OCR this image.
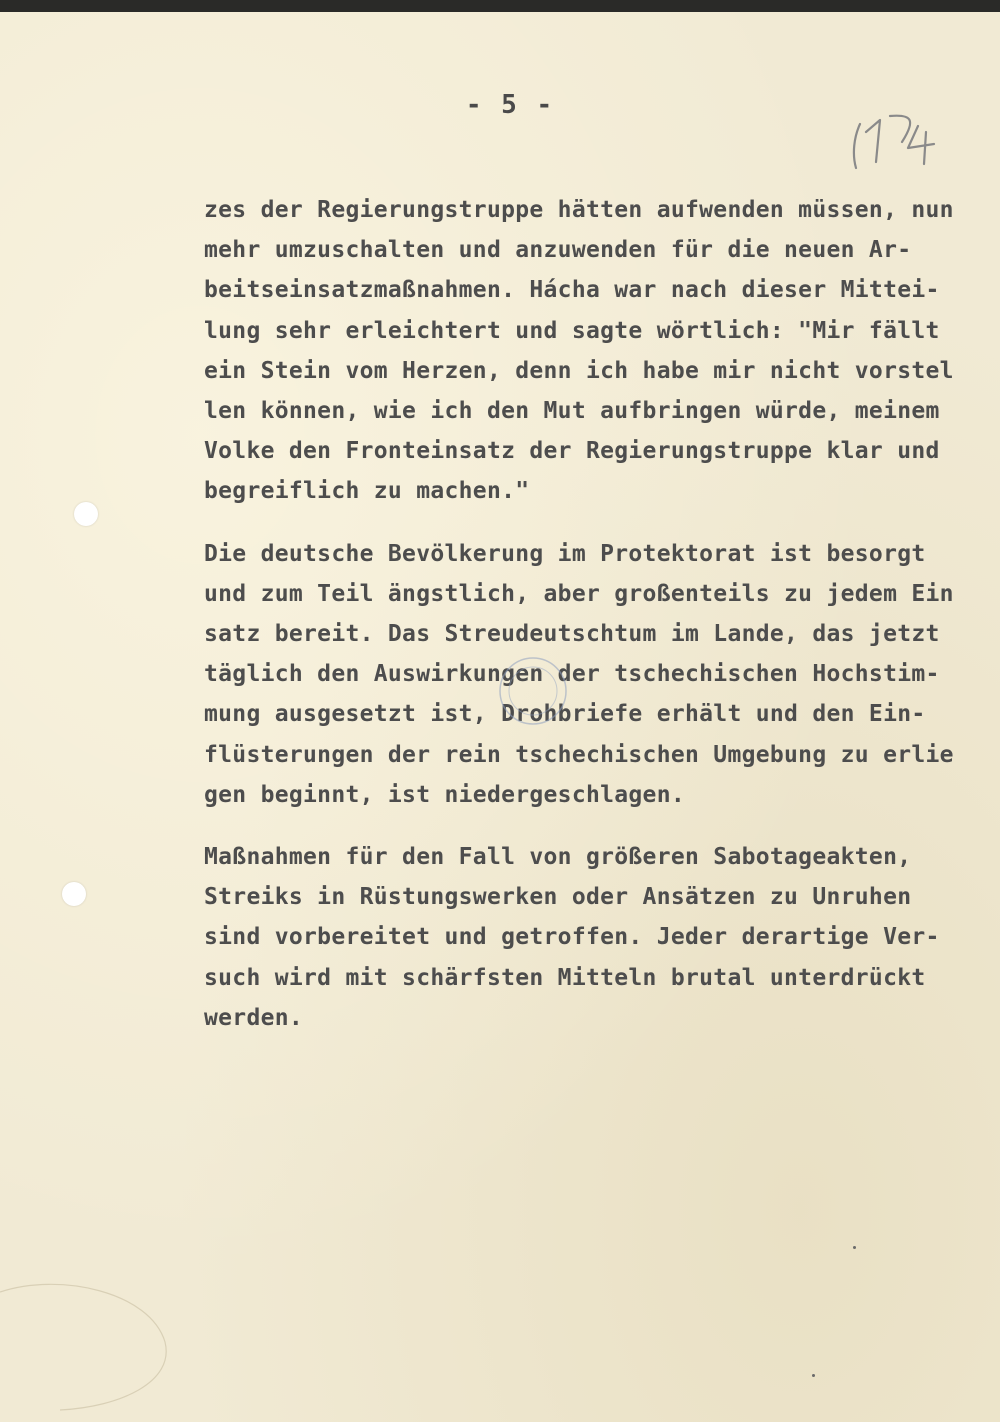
- 5 -
zes der Regierungstruppe hätten aufwenden müssen, nun
mehr umzuschalten und anzuwenden für die neuen Ar-
beitseinsatzmaßnahmen. Hácha war nach dieser Mittei-
lung sehr erleichtert und sagte wörtlich: "Mir fällt
ein Stein vom Herzen, denn ich habe mir nicht vorstel
len können, wie ich den Mut aufbringen würde, meinem
Volke den Fronteinsatz der Regierungstruppe klar und
begreiflich zu machen."
Die deutsche Bevölkerung im Protektorat ist besorgt
und zum Teil ängstlich, aber großenteils zu jedem Ein
satz bereit. Das Streudeutschtum im Lande, das jetzt
täglich den Auswirkungen der tschechischen Hochstim-
mung ausgesetzt ist, Drohbriefe erhält und den Ein-
flüsterungen der rein tschechischen Umgebung zu erlie
gen beginnt, ist niedergeschlagen.
Maßnahmen für den Fall von größeren Sabotageakten,
Streiks in Rüstungswerken oder Ansätzen zu Unruhen
sind vorbereitet und getroffen. Jeder derartige Ver-
such wird mit schärfsten Mitteln brutal unterdrückt
werden.
